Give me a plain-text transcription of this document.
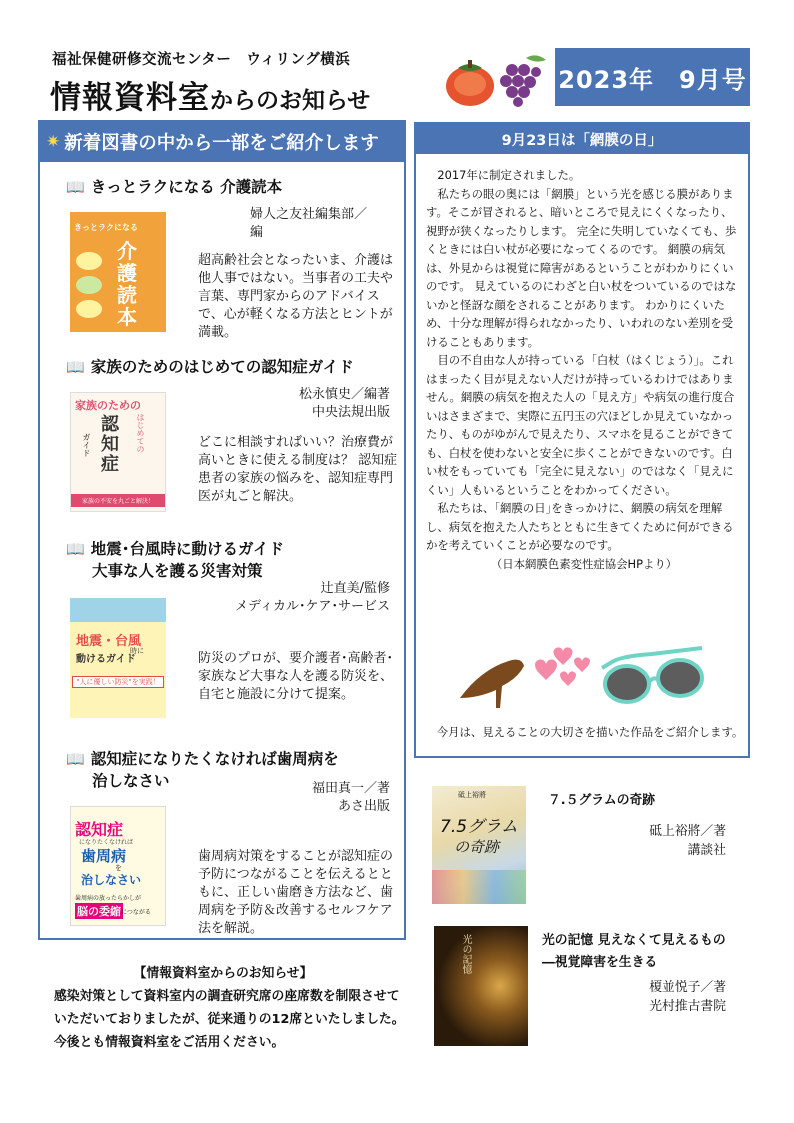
福祉保健研修交流センター　ウィリング横浜
情報資料室からのお知らせ
2023年　9月号
✷ 新着図書の中から一部をご紹介します
📖 きっとラクになる 介護読本
婦人之友社編集部／
編
きっとラクになる
介
護
読
本
超高齢社会となったいま、介護は他人事ではない。当事者の工夫や言葉、専門家からのアドバイスで、心が軽くなる方法とヒントが満載。
📖 家族のためのはじめての認知症ガイド
松永慎史／編著
中央法規出版
家族のための
はじめての
認
知
症
ガイド
家族の不安を丸ごと解決！
どこに相談すればいい？治療費が高いときに使える制度は？ 認知症患者の家族の悩みを、認知症専門医が丸ごと解決。
📖 地震･台風時に動けるガイド
大事な人を護る災害対策
辻直美/監修
メディカル･ケア･サービス
地震・台風
時に
動けるガイド
"人に優しい防災"を実践！
防災のプロが、要介護者･高齢者･家族など大事な人を護る防災を、自宅と施設に分けて提案。
📖 認知症になりたくなければ歯周病を
治しなさい	福田真一／著
あさ出版
認知症
になりたくなければ
歯周病
を
治しなさい
歯周病の放ったらかしが
脳の委縮 につながる
歯周病対策をすることが認知症の予防につながることを伝えるとともに、正しい歯磨き方法など、歯周病を予防＆改善するセルフケア法を解説。
9月23日は「網膜の日」

2017年に制定されました。

私たちの眼の奥には「網膜」という光を感じる膜があります。そこが冒されると、暗いところで見えにくくなったり、視野が狭くなったりします。 完全に失明していなくても、歩くときには白い杖が必要になってくるのです。 網膜の病気は、外見からは視覚に障害があるということがわかりにくいのです。 見えているのにわざと白い杖をついているのではないかと怪訝な顔をされることがあります。 わかりにくいため、十分な理解が得られなかったり、いわれのない差別を受けることもあります。

目の不自由な人が持っている「白杖（はくじょう）」。これはまったく目が見えない人だけが持っているわけではありません。網膜の病気を抱えた人の「見え方」や病気の進行度合いはさまざまで、実際に五円玉の穴ほどしか見えていなかったり、ものがゆがんで見えたり、スマホを見ることができても、白杖を使わないと安全に歩くことができないのです。白い杖をもっていても「完全に見えない」のではなく「見えにくい」人もいるということをわかってください。

私たちは、｢網膜の日｣をきっかけに、網膜の病気を理解し、病気を抱えた人たちとともに生きてくために何ができるかを考えていくことが必要なのです。

（日本網膜色素変性症協会HPより）

今月は、見えることの大切さを描いた作品をご紹介します。
砥上裕將
7.5グラム
の奇跡
７.５グラムの奇跡
砥上裕將／著
講談社
光の記憶	光の記憶 見えなくて見えるもの
―視覚障害を生きる
榎並悦子／著
光村推古書院
【情報資料室からのお知らせ】
感染対策として資料室内の調査研究席の座席数を制限させていただいておりましたが、従来通りの12席といたしました。今後とも情報資料室をご活用ください。
